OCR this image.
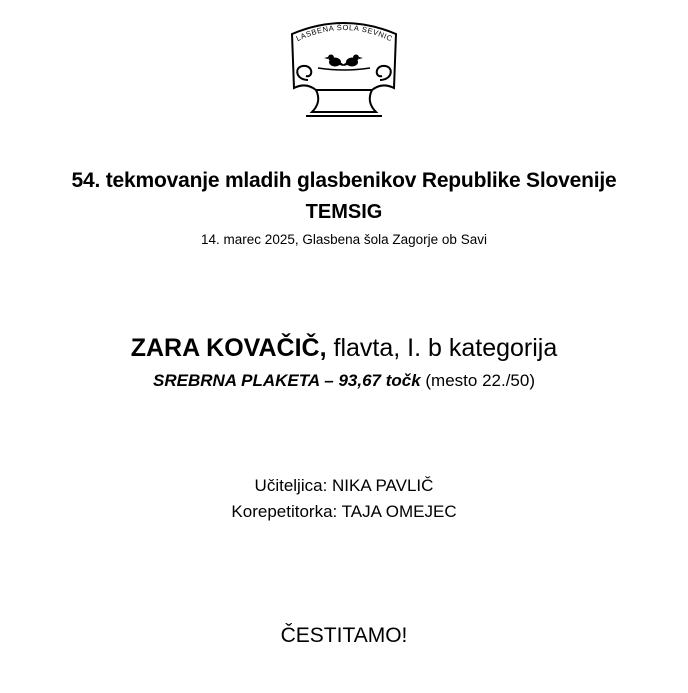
LASBENA ŠOLA SEVNIC
54. tekmovanje mladih glasbenikov Republike Slovenije
TEMSIG
14. marec 2025, Glasbena šola Zagorje ob Savi
ZARA KOVAČIČ, flavta, I. b kategorija
SREBRNA PLAKETA – 93,67 točk (mesto 22./50)
Učiteljica: NIKA PAVLIČ
Korepetitorka: TAJA OMEJEC
ČESTITAMO!
